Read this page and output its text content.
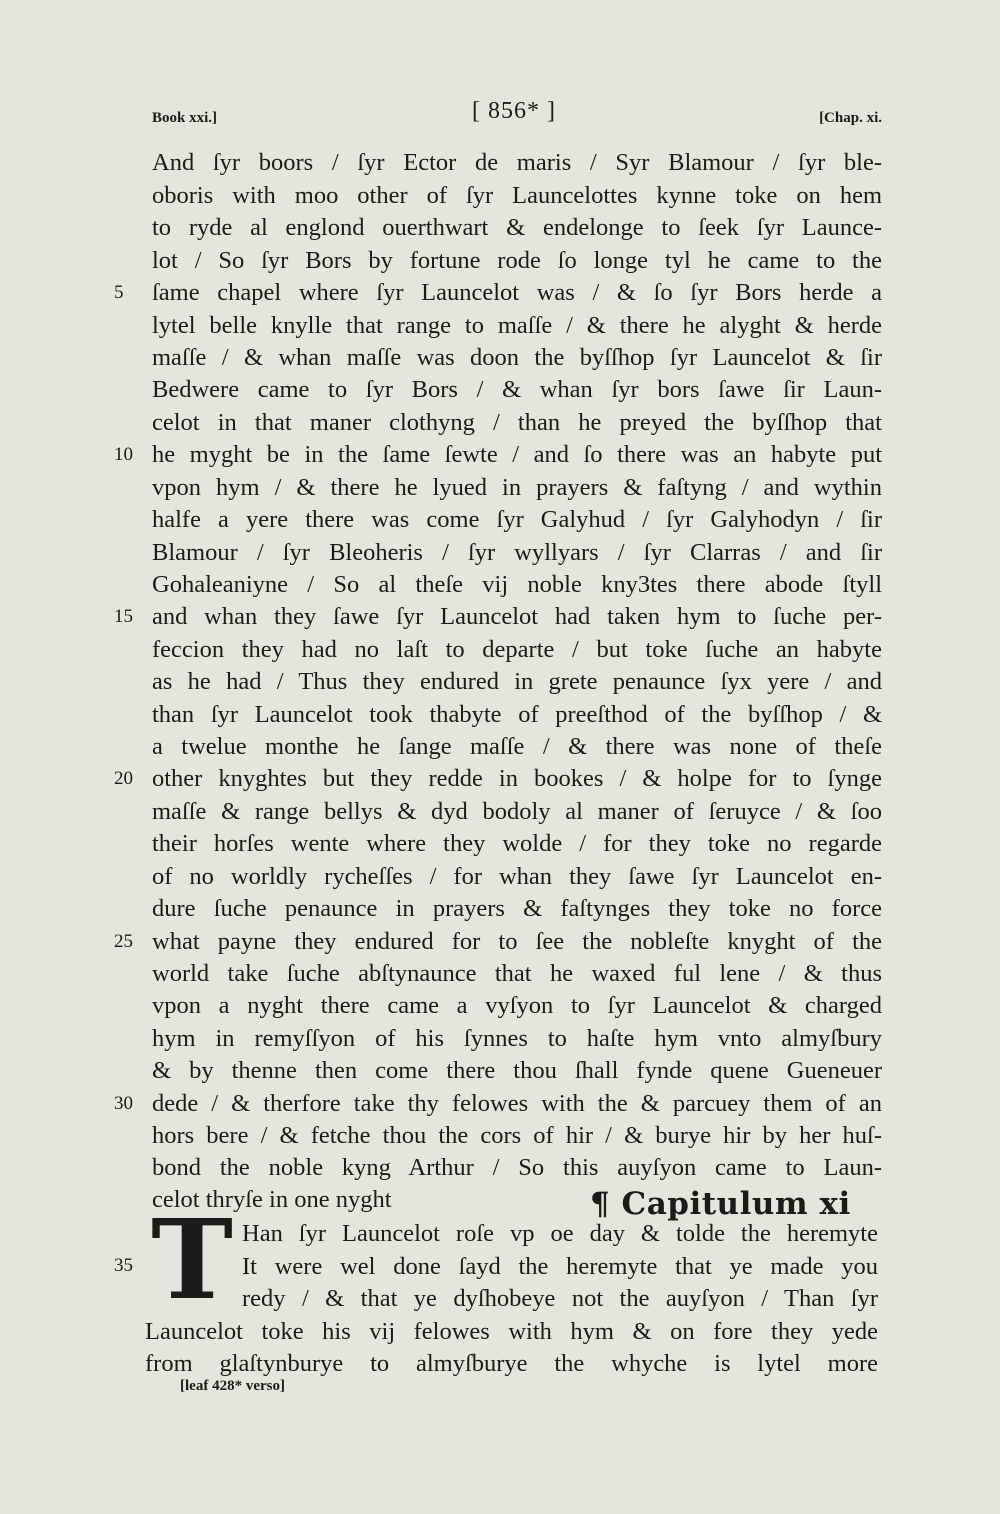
Book xxi.]	[ 856* ]	[Chap. xi.
And ſyr boors / ſyr Ector de maris / Syr Blamour / ſyr ble-
oboris with moo other of ſyr Launcelottes kynne toke on hem
to ryde al englond ouerthwart & endelonge to ſeek ſyr Launce-
lot / So ſyr Bors by fortune rode ſo longe tyl he came to the
ſame chapel where ſyr Launcelot was / & ſo ſyr Bors herde a
lytel belle knylle that range to maſſe / & there he alyght & herde
maſſe / & whan maſſe was doon the byſſhop ſyr Launcelot & ſir
Bedwere came to ſyr Bors / & whan ſyr bors ſawe ſir Laun-
celot in that maner clothyng / than he preyed the byſſhop that
he myght be in the ſame ſewte / and ſo there was an habyte put
vpon hym / & there he lyued in prayers & faſtyng / and wythin
halfe a yere there was come ſyr Galyhud / ſyr Galyhodyn / ſir
Blamour / ſyr Bleoheris / ſyr wyllyars / ſyr Clarras / and ſir
Gohaleaniyne / So al theſe vij noble kny3tes there abode ſtyll
and whan they ſawe ſyr Launcelot had taken hym to ſuche per-
feccion they had no laſt to departe / but toke ſuche an habyte
as he had / Thus they endured in grete penaunce ſyx yere / and
than ſyr Launcelot took thabyte of preeſthod of the byſſhop / &
a twelue monthe he ſange maſſe / & there was none of theſe
other knyghtes but they redde in bookes / & holpe for to ſynge
maſſe & range bellys & dyd bodoly al maner of ſeruyce / & ſoo
their horſes wente where they wolde / for they toke no regarde
of no worldly rycheſſes / for whan they ſawe ſyr Launcelot en-
dure ſuche penaunce in prayers & faſtynges they toke no force
what payne they endured for to ſee the nobleſte knyght of the
world take ſuche abſtynaunce that he waxed ful lene / & thus
vpon a nyght there came a vyſyon to ſyr Launcelot & charged
hym in remyſſyon of his ſynnes to haſte hym vnto almyſbury
& by thenne then come there thou ſhall fynde quene Gueneuer
dede / & therfore take thy felowes with the & parcuey them of an
hors bere / & fetche thou the cors of hir / & burye hir by her huſ-
bond the noble kyng Arthur / So this auyſyon came to Laun-
celot thryſe in one nyght
5
10
15
20
25
30
35
¶ Capitulum xi
T Han ſyr Launcelot roſe vp oe day & tolde the heremyte
It were wel done ſayd the heremyte that ye made you
redy / & that ye dyſhobeye not the auyſyon / Than ſyr
Launcelot toke his vij felowes with hym & on fore they yede
from glaſtynburye to almyſburye the whyche is lytel more
[leaf 428* verso]
